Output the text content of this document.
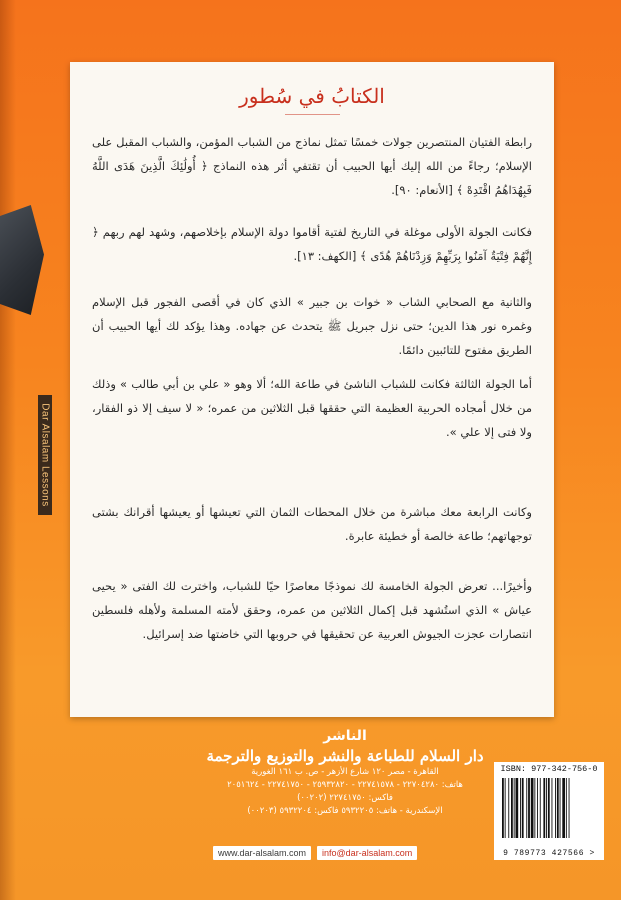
Dar Alsalam Lessons
الكتابُ في سُطور
رابطة الفتيان المنتصرين جولات خمسًا تمثل نماذج من الشباب المؤمن، والشباب المقبل على الإسلام؛ رجاءً من الله إليك أيها الحبيب أن تقتفي أثر هذه النماذج ﴿ أُولَٰئِكَ الَّذِينَ هَدَى اللَّهُ فَبِهُدَاهُمُ اقْتَدِهْ ﴾ [الأنعام: ٩٠].
فكانت الجولة الأولى موغلة في التاريخ لفتية أقاموا دولة الإسلام بإخلاصهم، وشهد لهم ربهم ﴿ إِنَّهُمْ فِتْيَةٌ آمَنُوا بِرَبِّهِمْ وَزِدْنَاهُمْ هُدًى ﴾ [الكهف: ١٣].
والثانية مع الصحابي الشاب « خوات بن جبير » الذي كان في أقصى الفجور قبل الإسلام وغمره نور هذا الدين؛ حتى نزل جبريل ﷺ يتحدث عن جهاده. وهذا يؤكد لك أيها الحبيب أن الطريق مفتوح للتائبين دائمًا.
أما الجولة الثالثة فكانت للشباب الناشئ في طاعة الله؛ ألا وهو « علي بن أبي طالب » وذلك من خلال أمجاده الحربية العظيمة التي حققها قبل الثلاثين من عمره؛ « لا سيف إلا ذو الفقار، ولا فتى إلا علي ».
وكانت الرابعة معك مباشرة من خلال المحطات الثمان التي تعيشها أو يعيشها أقرانك بشتى توجهاتهم؛ طاعة خالصة أو خطيئة عابرة.
وأخيرًا... تعرض الجولة الخامسة لك نموذجًا معاصرًا حيًا للشباب، واخترت لك الفتى « يحيى عياش » الذي استُشهد قبل إكمال الثلاثين من عمره، وحقق لأمته المسلمة ولأهله فلسطين انتصارات عجزت الجيوش العربية عن تحقيقها في حروبها التي خاضتها ضد إسرائيل.
الناشر
دار السلام للطباعة والنشر والتوزيع والترجمة
القاهرة - مصر ١٢٠ شارع الأزهر - ص. ب ١٦١ الغورية
هاتف: ٢٢٧٠٤٢٨٠ - ٢٢٧٤١٥٧٨ - ٢٥٩٣٢٨٢٠ - ٢٢٧٤١٧٥٠ - ٢٠٥١٦٢٤
فاكس: ٢٢٧٤١٧٥٠ (٠٠٢٠٢)
الإسكندرية - هاتف: ٥٩٣٢٢٠٥ فاكس: ٥٩٣٢٢٠٤ (٠٠٢٠٣)
www.dar-alsalam.com	info@dar-alsalam.com
ISBN: 977-342-756-0
9 789773 427566 >
